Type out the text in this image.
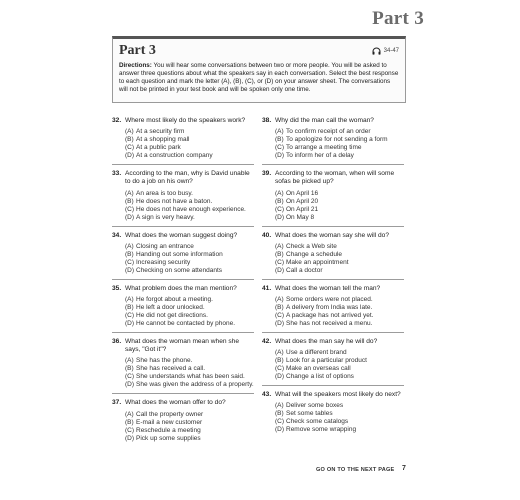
Part 3
Part 3	34-47
Directions: You will hear some conversations between two or more people. You will be asked to answer three questions about what the speakers say in each conversation. Select the best response to each question and mark the letter (A), (B), (C), or (D) on your answer sheet. The conversations will not be printed in your test book and will be spoken only one time.
32. Where most likely do the speakers work?
(A) At a security firm
(B) At a shopping mall
(C) At a public park
(D) At a construction company
33. According to the man, why is David unable to do a job on his own?
(A) An area is too busy.
(B) He does not have a baton.
(C) He does not have enough experience.
(D) A sign is very heavy.
34. What does the woman suggest doing?
(A) Closing an entrance
(B) Handing out some information
(C) Increasing security
(D) Checking on some attendants
35. What problem does the man mention?
(A) He forgot about a meeting.
(B) He left a door unlocked.
(C) He did not get directions.
(D) He cannot be contacted by phone.
36. What does the woman mean when she says, "Got it"?
(A) She has the phone.
(B) She has received a call.
(C) She understands what has been said.
(D) She was given the address of a property.
37. What does the woman offer to do?
(A) Call the property owner
(B) E-mail a new customer
(C) Reschedule a meeting
(D) Pick up some supplies
38. Why did the man call the woman?
(A) To confirm receipt of an order
(B) To apologize for not sending a form
(C) To arrange a meeting time
(D) To inform her of a delay
39. According to the woman, when will some sofas be picked up?
(A) On April 16
(B) On April 20
(C) On April 21
(D) On May 8
40. What does the woman say she will do?
(A) Check a Web site
(B) Change a schedule
(C) Make an appointment
(D) Call a doctor
41. What does the woman tell the man?
(A) Some orders were not placed.
(B) A delivery from India was late.
(C) A package has not arrived yet.
(D) She has not received a menu.
42. What does the man say he will do?
(A) Use a different brand
(B) Look for a particular product
(C) Make an overseas call
(D) Change a list of options
43. What will the speakers most likely do next?
(A) Deliver some boxes
(B) Set some tables
(C) Check some catalogs
(D) Remove some wrapping
GO ON TO THE NEXT PAGE 7
